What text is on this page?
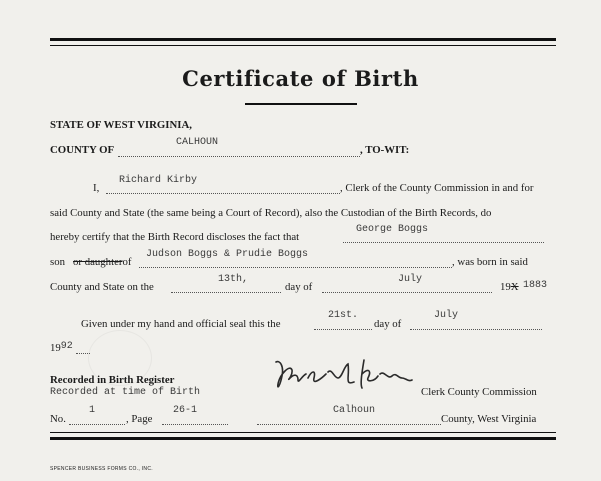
Certificate of Birth
STATE OF WEST VIRGINIA,
COUNTY OF
CALHOUN
, TO-WIT:
I,
Richard Kirby
, Clerk of the County Commission in and for
said County and State (the same being a Court of Record), also the Custodian of the Birth Records, do
hereby certify that the Birth Record discloses the fact that
George Boggs
son or daughterof
Judson Boggs & Prudie Boggs
, was born in said
County and State on the
13th,
day of
July
19X 1883
Given under my hand and official seal this the
21st.
day of
July
1992
Recorded in Birth Register
Recorded at time of Birth	Clerk County Commission
No.
1
, Page
26-1	Calhoun
County, West Virginia
SPENCER BUSINESS FORMS CO., INC.
